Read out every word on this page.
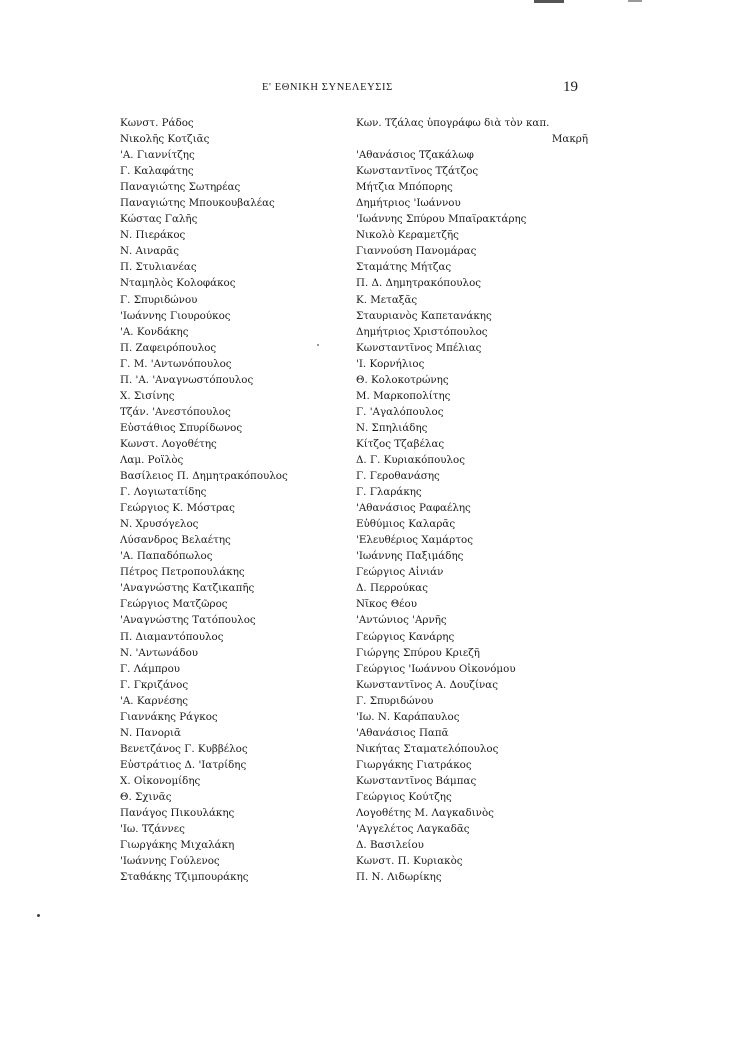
Ε' ΕΘΝΙΚΗ ΣΥΝΕΛΕΥΣΙΣ	19
Κωνστ. Ράδος
Νικολῆς Κοτζιᾶς
'Α. Γιαννίτζης
Γ. Καλαφάτης
Παναγιώτης Σωτηρέας
Παναγιώτης Μπουκουβαλέας
Κώστας Γαλῆς
Ν. Πιεράκος
Ν. Αιναρᾶς
Π. Στυλιανέας
Νταμηλὸς Κολοφάκος
Γ. Σπυριδώνου
'Ιωάννης Γιουρούκος
'Α. Κονδάκης
Π. Ζαφειρόπουλος
Γ. Μ. 'Αντωνόπουλος
Π. 'Α. 'Αναγνωστόπουλος
Χ. Σισίνης
Τζάν. 'Ανεστόπουλος
Εὐστάθιος Σπυρίδωνος
Κωνστ. Λογοθέτης
Λαμ. Ροϊλὸς
Βασίλειος Π. Δημητρακόπουλος
Γ. Λογιωτατίδης
Γεώργιος Κ. Μόστρας
Ν. Χρυσόγελος
Λύσανδρος Βελαέτης
'Α. Παπαδόπωλος
Πέτρος Πετροπουλάκης
'Αναγνώστης Κατζικαπῆς
Γεώργιος Ματζῶρος
'Αναγνώστης Τατόπουλος
Π. Διαμαντόπουλος
Ν. 'Αντωνάδου
Γ. Λάμπρου
Γ. Γκριζάνος
'Α. Καρνέσης
Γιαννάκης Ράγκος
Ν. Πανοριᾶ
Βενετζάνος Γ. Κυββέλος
Εὐστράτιος Δ. 'Ιατρίδης
Χ. Οἰκονομίδης
Θ. Σχινᾶς
Πανάγος Πικουλάκης
'Ιω. Τζάννες
Γιωργάκης Μιχαλάκη
'Ιωάννης Γούλενος
Σταθάκης Τζιμπουράκης
Κων. Τζάλας ὑπογράφω διὰ τὸν καπ.
Μακρῆ
'Αθανάσιος Τζακάλωφ
Κωνσταντῖνος Τζάτζος
Μήτζια Μπόπορης
Δημήτριος 'Ιωάννου
'Ιωάννης Σπύρου Μπαϊρακτάρης
Νικολὸ Κεραμετζῆς
Γιαννούση Πανομάρας
Σταμάτης Μήτζας
Π. Δ. Δημητρακόπουλος
Κ. Μεταξᾶς
Σταυριανὸς Καπετανάκης
Δημήτριος Χριστόπουλος
Κωνσταντῖνος Μπέλιας
'Ι. Κορνήλιος
Θ. Κολοκοτρώνης
Μ. Μαρκοπολίτης
Γ. 'Αγαλόπουλος
Ν. Σπηλιάδης
Κίτζος Τζαβέλας
Δ. Γ. Κυριακόπουλος
Γ. Γεροθανάσης
Γ. Γλαράκης
'Αθανάσιος Ραφαέλης
Εὐθύμιος Καλαρᾶς
'Ελευθέριος Χαμάρτος
'Ιωάννης Παξιμάδης
Γεώργιος Αἰνιάν
Δ. Περρούκας
Νῖκος Θέου
'Αντώνιος 'Αρνῆς
Γεώργιος Κανάρης
Γιώργης Σπύρου Κριεζῆ
Γεώργιος 'Ιωάννου Οἰκονόμου
Κωνσταντῖνος Α. Δουζίνας
Γ. Σπυριδώνου
'Ιω. Ν. Καράπαυλος
'Αθανάσιος Παπᾶ
Νικήτας Σταματελόπουλος
Γιωργάκης Γιατράκος
Κωνσταντῖνος Βάμπας
Γεώργιος Κούτζης
Λογοθέτης Μ. Λαγκαδινὸς
'Αγγελέτος Λαγκαδᾶς
Δ. Βασιλείου
Κωνστ. Π. Κυριακὸς
Π. Ν. Λιδωρίκης
